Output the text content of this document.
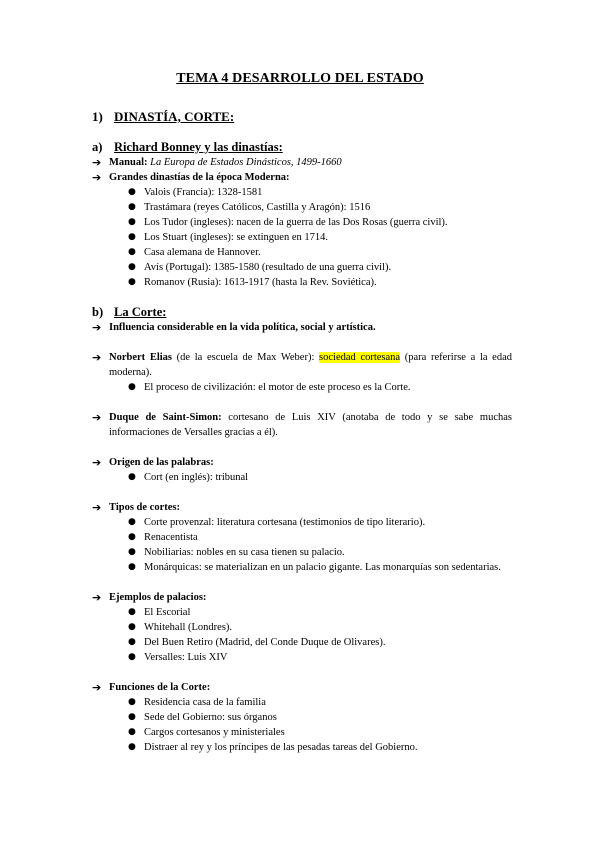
TEMA 4 DESARROLLO DEL ESTADO
1) DINASTÍA, CORTE:
a) Richard Bonney y las dinastías:
➔ Manual: La Europa de Estados Dinásticos, 1499-1660
➔ Grandes dinastías de la época Moderna:
● Valois (Francia): 1328-1581
● Trastámara (reyes Católicos, Castilla y Aragón): 1516
● Los Tudor (ingleses): nacen de la guerra de las Dos Rosas (guerra civil).
● Los Stuart (ingleses): se extinguen en 1714.
● Casa alemana de Hannover.
● Avís (Portugal): 1385-1580 (resultado de una guerra civil).
● Romanov (Rusia): 1613-1917 (hasta la Rev. Soviética).
b) La Corte:
➔ Influencia considerable en la vida política, social y artística.
➔ Norbert Elias (de la escuela de Max Weber): sociedad cortesana (para referirse a la edad moderna).
● El proceso de civilización: el motor de este proceso es la Corte.
➔ Duque de Saint-Simon: cortesano de Luis XIV (anotaba de todo y se sabe muchas informaciones de Versalles gracias a él).
➔ Origen de las palabras:
● Cort (en inglés): tribunal
➔ Tipos de cortes:
● Corte provenzal: literatura cortesana (testimonios de tipo literario).
● Renacentista
● Nobiliarias: nobles en su casa tienen su palacio.
● Monárquicas: se materializan en un palacio gigante. Las monarquías son sedentarias.
➔ Ejemplos de palacios:
● El Escorial
● Whitehall (Londres).
● Del Buen Retiro (Madrid, del Conde Duque de Olivares).
● Versalles: Luis XIV
➔ Funciones de la Corte:
● Residencia casa de la familia
● Sede del Gobierno: sus órganos
● Cargos cortesanos y ministeriales
● Distraer al rey y los príncipes de las pesadas tareas del Gobierno.
